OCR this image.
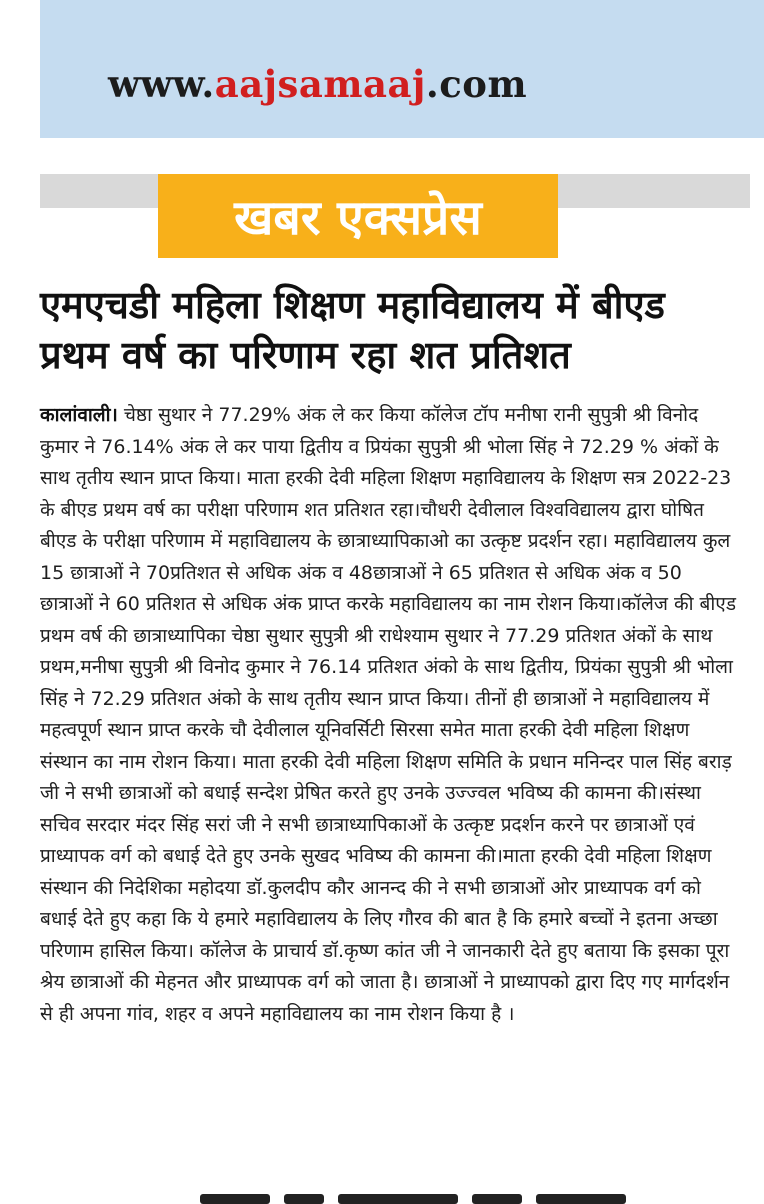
www.aajsamaaj.com
खबर एक्सप्रेस
एमएचडी महिला शिक्षण महाविद्यालय में बीएड
प्रथम वर्ष का परिणाम रहा शत प्रतिशत

कालांवाली। चेष्ठा सुथार ने 77.29% अंक ले कर किया कॉलेज टॉप मनीषा रानी सुपुत्री श्री विनोद कुमार ने 76.14% अंक ले कर पाया द्वितीय व प्रियंका सुपुत्री श्री भोला सिंह ने 72.29 % अंकों के साथ तृतीय स्थान प्राप्त किया। माता हरकी देवी महिला शिक्षण महाविद्यालय के शिक्षण सत्र 2022-23 के बीएड प्रथम वर्ष का परीक्षा परिणाम शत प्रतिशत रहा।चौधरी देवीलाल विश्वविद्यालय द्वारा घोषित बीएड के परीक्षा परिणाम में महाविद्यालय के छात्राध्यापिकाओ का उत्कृष्ट प्रदर्शन रहा। महाविद्यालय कुल 15 छात्राओं ने 70प्रतिशत से अधिक अंक व 48छात्राओं ने 65 प्रतिशत से अधिक अंक व 50 छात्राओं ने 60 प्रतिशत से अधिक अंक प्राप्त करके महाविद्यालय का नाम रोशन किया।कॉलेज की बीएड प्रथम वर्ष की छात्राध्यापिका चेष्ठा सुथार सुपुत्री श्री राधेश्याम सुथार ने 77.29 प्रतिशत अंकों के साथ प्रथम,मनीषा सुपुत्री श्री विनोद कुमार ने 76.14 प्रतिशत अंको के साथ द्वितीय, प्रियंका सुपुत्री श्री भोला सिंह ने 72.29 प्रतिशत अंको के साथ तृतीय स्थान प्राप्त किया। तीनों ही छात्राओं ने महाविद्यालय में महत्वपूर्ण स्थान प्राप्त करके चौ देवीलाल यूनिवर्सिटी सिरसा समेत माता हरकी देवी महिला शिक्षण संस्थान का नाम रोशन किया। माता हरकी देवी महिला शिक्षण समिति के प्रधान मनिन्दर पाल सिंह बराड़ जी ने सभी छात्राओं को बधाई सन्देश प्रेषित करते हुए उनके उज्ज्वल भविष्य की कामना की।संस्था सचिव सरदार मंदर सिंह सरां जी ने सभी छात्राध्यापिकाओं के उत्कृष्ट प्रदर्शन करने पर छात्राओं एवं प्राध्यापक वर्ग को बधाई देते हुए उनके सुखद भविष्य की कामना की।माता हरकी देवी महिला शिक्षण संस्थान की निदेशिका महोदया डॉ.कुलदीप कौर आनन्द की ने सभी छात्राओं ओर प्राध्यापक वर्ग को बधाई देते हुए कहा कि ये हमारे महाविद्यालय के लिए गौरव की बात है कि हमारे बच्चों ने इतना अच्छा परिणाम हासिल किया। कॉलेज के प्राचार्य डॉ.कृष्ण कांत जी ने जानकारी देते हुए बताया कि इसका पूरा श्रेय छात्राओं की मेहनत और प्राध्यापक वर्ग को जाता है। छात्राओं ने प्राध्यापको द्वारा दिए गए मार्गदर्शन से ही अपना गांव, शहर व अपने महाविद्यालय का नाम रोशन किया है ।
